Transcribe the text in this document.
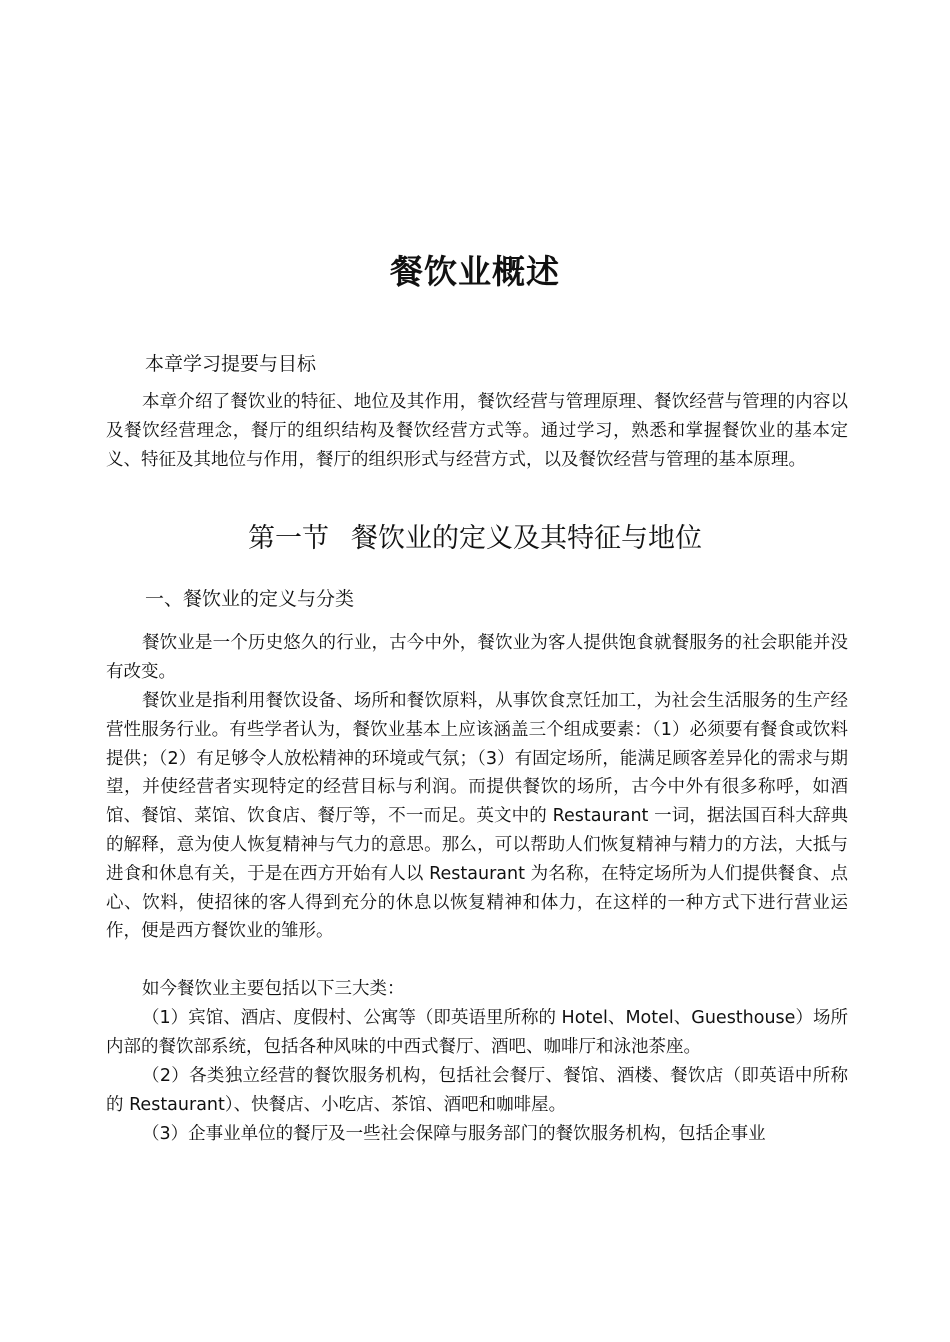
餐饮业概述
本章学习提要与目标

本章介绍了餐饮业的特征、地位及其作用，餐饮经营与管理原理、餐饮经营与管理的内容以及餐饮经营理念，餐厅的组织结构及餐饮经营方式等。通过学习，熟悉和掌握餐饮业的基本定义、特征及其地位与作用，餐厅的组织形式与经营方式，以及餐饮经营与管理的基本原理。

第一节 餐饮业的定义及其特征与地位
一、餐饮业的定义与分类

餐饮业是一个历史悠久的行业，古今中外，餐饮业为客人提供饱食就餐服务的社会职能并没有改变。

餐饮业是指利用餐饮设备、场所和餐饮原料，从事饮食烹饪加工，为社会生活服务的生产经营性服务行业。有些学者认为，餐饮业基本上应该涵盖三个组成要素：（1）必须要有餐食或饮料提供；（2）有足够令人放松精神的环境或气氛；（3）有固定场所，能满足顾客差异化的需求与期望，并使经营者实现特定的经营目标与利润。而提供餐饮的场所，古今中外有很多称呼，如酒馆、餐馆、菜馆、饮食店、餐厅等，不一而足。英文中的 Restaurant 一词，据法国百科大辞典的解释，意为使人恢复精神与气力的意思。那么，可以帮助人们恢复精神与精力的方法，大抵与进食和休息有关，于是在西方开始有人以 Restaurant 为名称，在特定场所为人们提供餐食、点心、饮料，使招徕的客人得到充分的休息以恢复精神和体力，在这样的一种方式下进行营业运作，便是西方餐饮业的雏形。

如今餐饮业主要包括以下三大类：

（1）宾馆、酒店、度假村、公寓等（即英语里所称的 Hotel、Motel、Guesthouse）场所内部的餐饮部系统，包括各种风味的中西式餐厅、酒吧、咖啡厅和泳池茶座。

（2）各类独立经营的餐饮服务机构，包括社会餐厅、餐馆、酒楼、餐饮店（即英语中所称的 Restaurant）、快餐店、小吃店、茶馆、酒吧和咖啡屋。

（3）企事业单位的餐厅及一些社会保障与服务部门的餐饮服务机构，包括企事业
